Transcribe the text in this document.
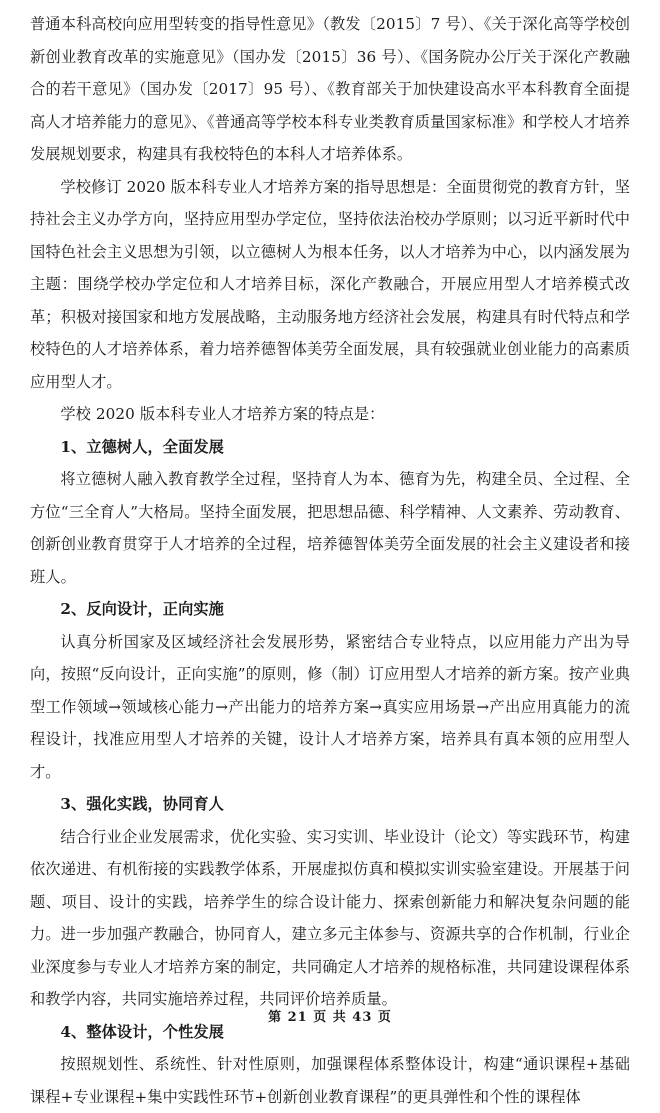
普通本科高校向应用型转变的指导性意见》（教发〔2015〕7 号）、《关于深化高等学校创新创业教育改革的实施意见》（国办发〔2015〕36 号）、《国务院办公厅关于深化产教融合的若干意见》（国办发〔2017〕95 号）、《教育部关于加快建设高水平本科教育全面提高人才培养能力的意见》、《普通高等学校本科专业类教育质量国家标准》和学校人才培养发展规划要求，构建具有我校特色的本科人才培养体系。

学校修订 2020 版本科专业人才培养方案的指导思想是：全面贯彻党的教育方针，坚持社会主义办学方向，坚持应用型办学定位，坚持依法治校办学原则；以习近平新时代中国特色社会主义思想为引领，以立德树人为根本任务，以人才培养为中心，以内涵发展为主题：围绕学校办学定位和人才培养目标，深化产教融合，开展应用型人才培养模式改革；积极对接国家和地方发展战略，主动服务地方经济社会发展，构建具有时代特点和学校特色的人才培养体系，着力培养德智体美劳全面发展，具有较强就业创业能力的高素质应用型人才。

学校 2020 版本科专业人才培养方案的特点是：

1、立德树人，全面发展

将立德树人融入教育教学全过程，坚持育人为本、德育为先，构建全员、全过程、全方位“三全育人”大格局。坚持全面发展，把思想品德、科学精神、人文素养、劳动教育、创新创业教育贯穿于人才培养的全过程，培养德智体美劳全面发展的社会主义建设者和接班人。

2、反向设计，正向实施

认真分析国家及区域经济社会发展形势，紧密结合专业特点，以应用能力产出为导向，按照“反向设计，正向实施”的原则，修（制）订应用型人才培养的新方案。按产业典型工作领域→领域核心能力→产出能力的培养方案→真实应用场景→产出应用真能力的流程设计，找准应用型人才培养的关键，设计人才培养方案，培养具有真本领的应用型人才。

3、强化实践，协同育人

结合行业企业发展需求，优化实验、实习实训、毕业设计（论文）等实践环节，构建依次递进、有机衔接的实践教学体系，开展虚拟仿真和模拟实训实验室建设。开展基于问题、项目、设计的实践，培养学生的综合设计能力、探索创新能力和解决复杂问题的能力。进一步加强产教融合，协同育人，建立多元主体参与、资源共享的合作机制，行业企业深度参与专业人才培养方案的制定，共同确定人才培养的规格标准，共同建设课程体系和教学内容，共同实施培养过程，共同评价培养质量。

4、整体设计，个性发展

按照规划性、系统性、针对性原则，加强课程体系整体设计，构建“通识课程+基础课程+专业课程+集中实践性环节+创新创业教育课程”的更具弹性和个性的课程体

第 21 页 共 43 页
